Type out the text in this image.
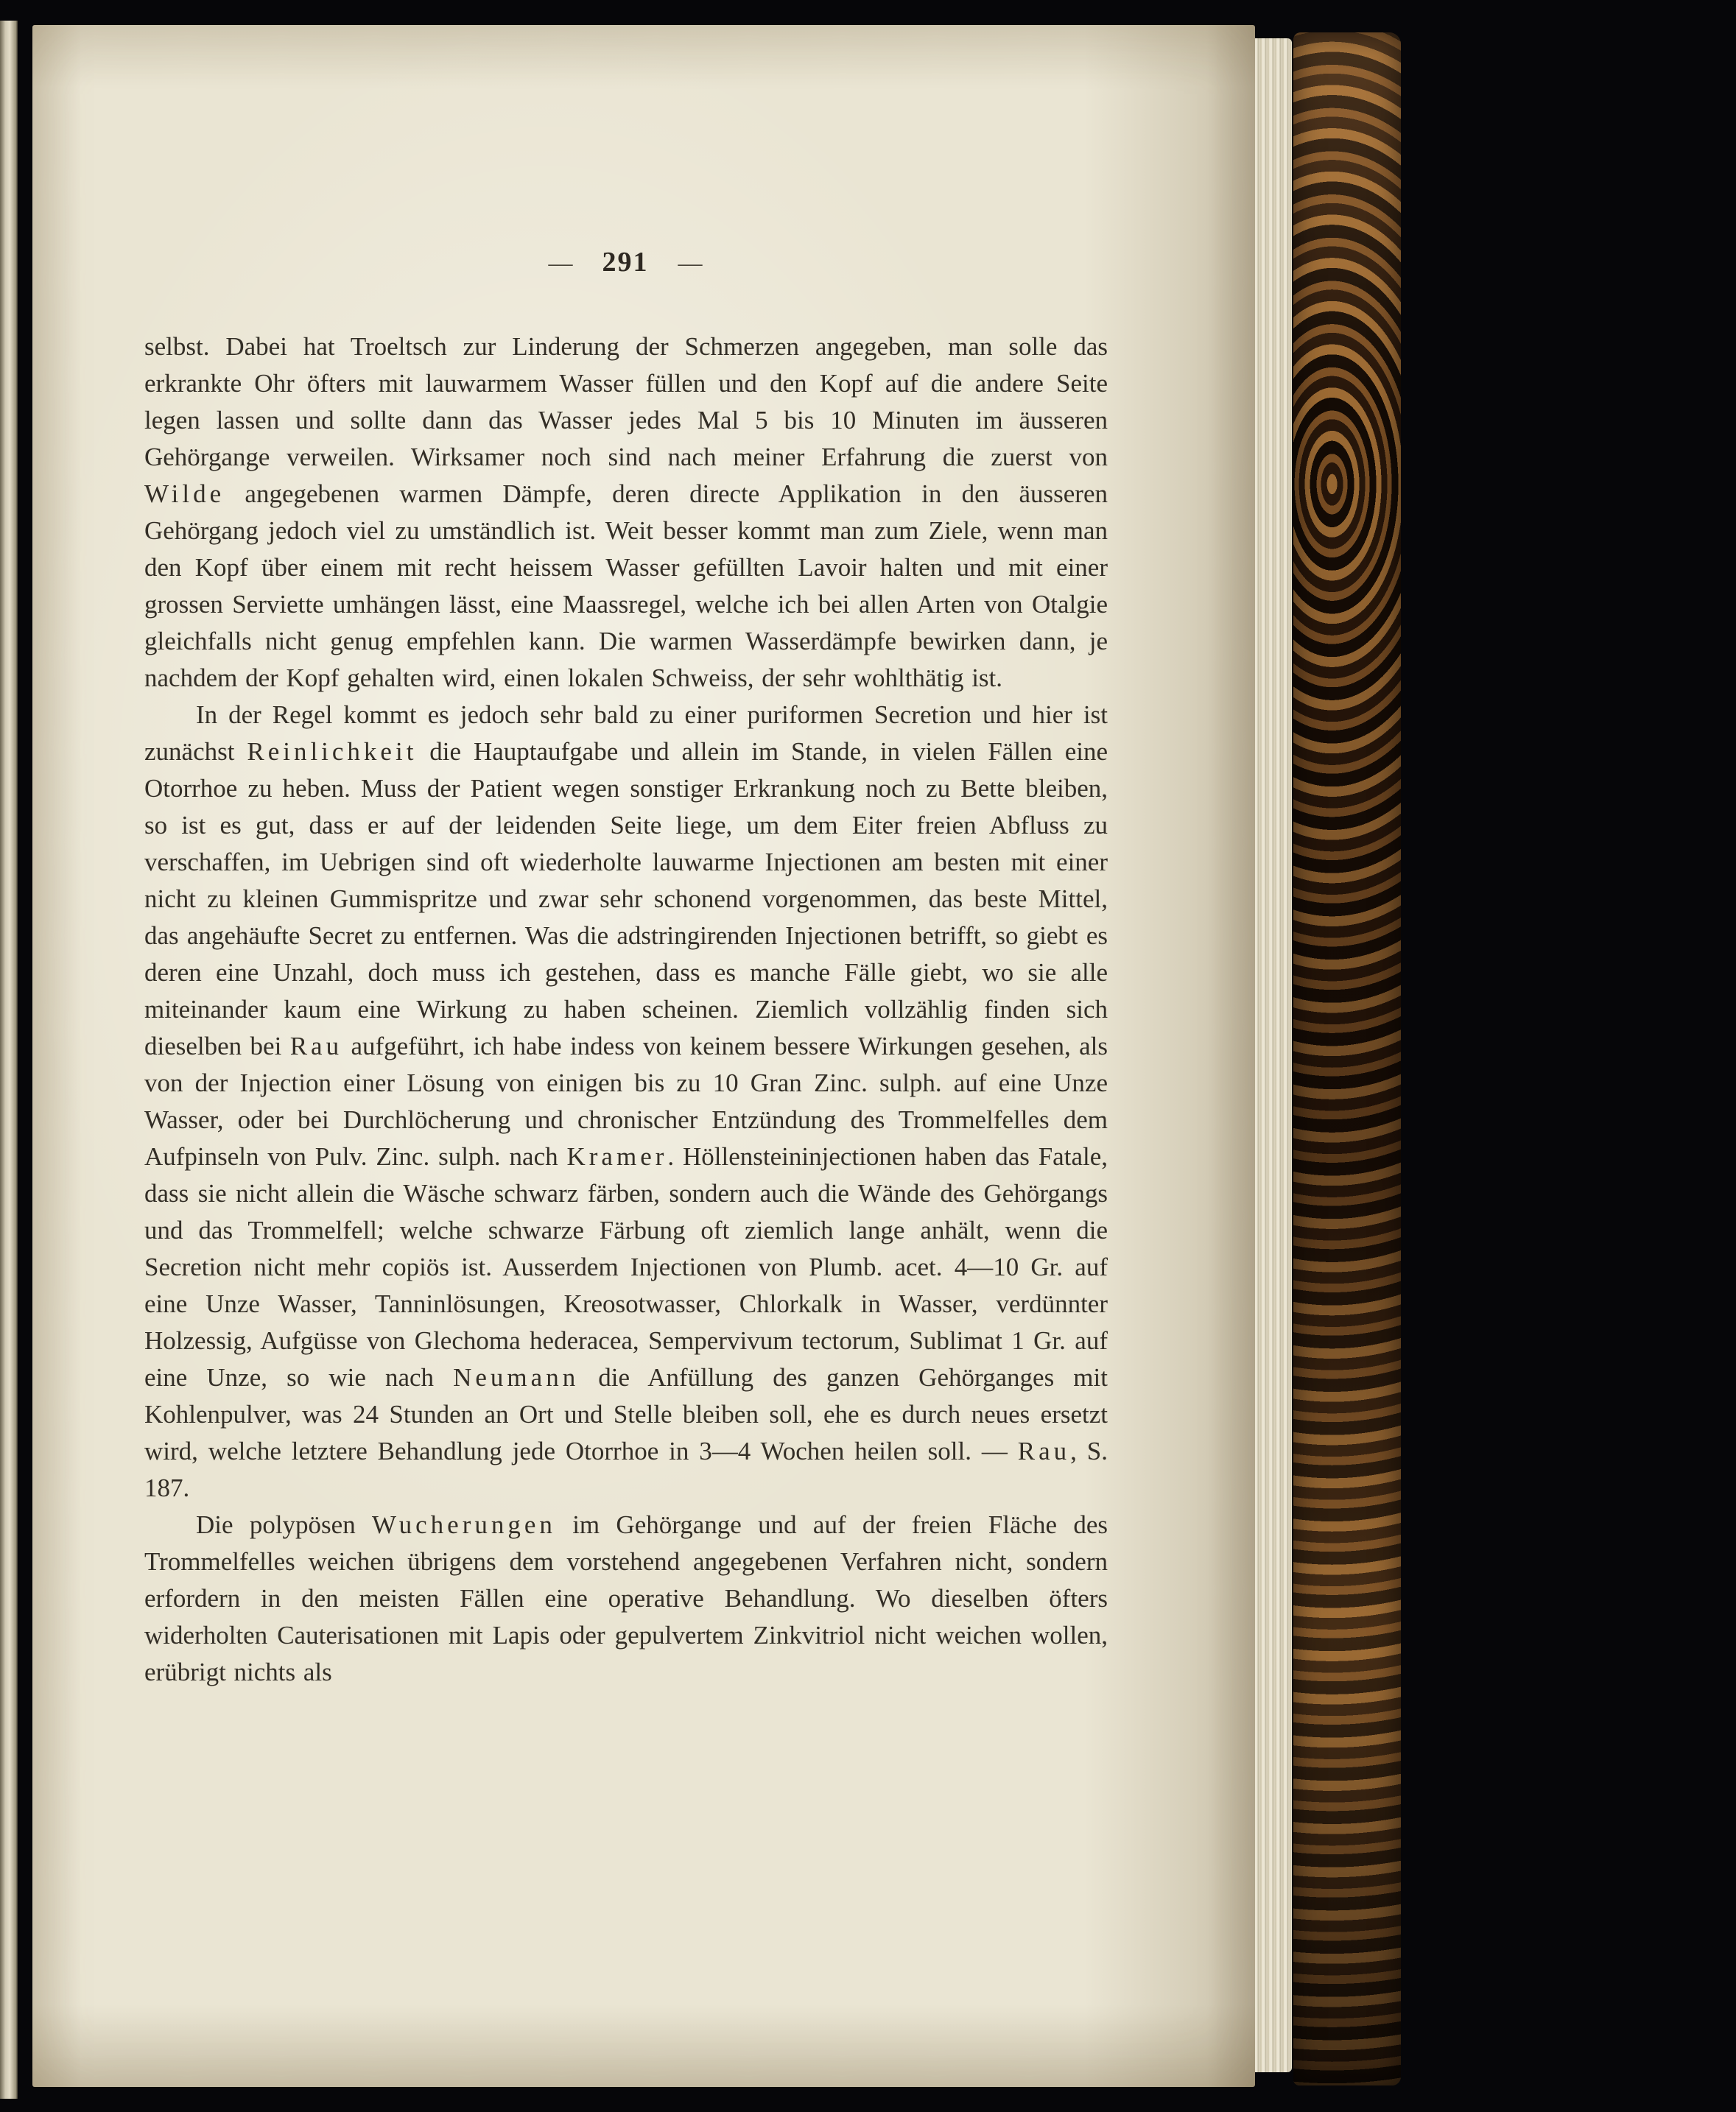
— 291 —

selbst. Dabei hat Troeltsch zur Linderung der Schmerzen angegeben, man solle das erkrankte Ohr öfters mit lauwarmem Wasser füllen und den Kopf auf die andere Seite legen lassen und sollte dann das Wasser jedes Mal 5 bis 10 Minuten im äusseren Gehörgange verweilen. Wirksamer noch sind nach meiner Erfahrung die zuerst von Wilde angegebenen warmen Dämpfe, deren directe Applikation in den äusseren Gehörgang jedoch viel zu umständlich ist. Weit besser kommt man zum Ziele, wenn man den Kopf über einem mit recht heissem Wasser gefüllten Lavoir halten und mit einer grossen Serviette umhängen lässt, eine Maassregel, welche ich bei allen Arten von Otalgie gleichfalls nicht genug empfehlen kann. Die warmen Wasserdämpfe bewirken dann, je nachdem der Kopf gehalten wird, einen lokalen Schweiss, der sehr wohlthätig ist.

In der Regel kommt es jedoch sehr bald zu einer puriformen Secretion und hier ist zunächst Reinlichkeit die Hauptaufgabe und allein im Stande, in vielen Fällen eine Otorrhoe zu heben. Muss der Patient wegen sonstiger Erkrankung noch zu Bette bleiben, so ist es gut, dass er auf der leidenden Seite liege, um dem Eiter freien Abfluss zu verschaffen, im Uebrigen sind oft wiederholte lauwarme Injectionen am besten mit einer nicht zu kleinen Gummispritze und zwar sehr schonend vorgenommen, das beste Mittel, das angehäufte Secret zu entfernen. Was die adstringirenden Injectionen betrifft, so giebt es deren eine Unzahl, doch muss ich gestehen, dass es manche Fälle giebt, wo sie alle miteinander kaum eine Wirkung zu haben scheinen. Ziemlich vollzählig finden sich dieselben bei Rau aufgeführt, ich habe indess von keinem bessere Wirkungen gesehen, als von der Injection einer Lösung von einigen bis zu 10 Gran Zinc. sulph. auf eine Unze Wasser, oder bei Durchlöcherung und chronischer Entzündung des Trommelfelles dem Aufpinseln von Pulv. Zinc. sulph. nach Kramer. Höllensteininjectionen haben das Fatale, dass sie nicht allein die Wäsche schwarz färben, sondern auch die Wände des Gehörgangs und das Trommelfell; welche schwarze Färbung oft ziemlich lange anhält, wenn die Secretion nicht mehr copiös ist. Ausserdem Injectionen von Plumb. acet. 4—10 Gr. auf eine Unze Wasser, Tanninlösungen, Kreosotwasser, Chlorkalk in Wasser, verdünnter Holzessig, Aufgüsse von Glechoma hederacea, Sempervivum tectorum, Sublimat 1 Gr. auf eine Unze, so wie nach Neumann die Anfüllung des ganzen Gehörganges mit Kohlenpulver, was 24 Stunden an Ort und Stelle bleiben soll, ehe es durch neues ersetzt wird, welche letztere Behandlung jede Otorrhoe in 3—4 Wochen heilen soll. — Rau, S. 187.

Die polypösen Wucherungen im Gehörgange und auf der freien Fläche des Trommelfelles weichen übrigens dem vorstehend angegebenen Verfahren nicht, sondern erfordern in den meisten Fällen eine operative Behandlung. Wo dieselben öfters widerholten Cauterisationen mit Lapis oder gepulvertem Zinkvitriol nicht weichen wollen, erübrigt nichts als
